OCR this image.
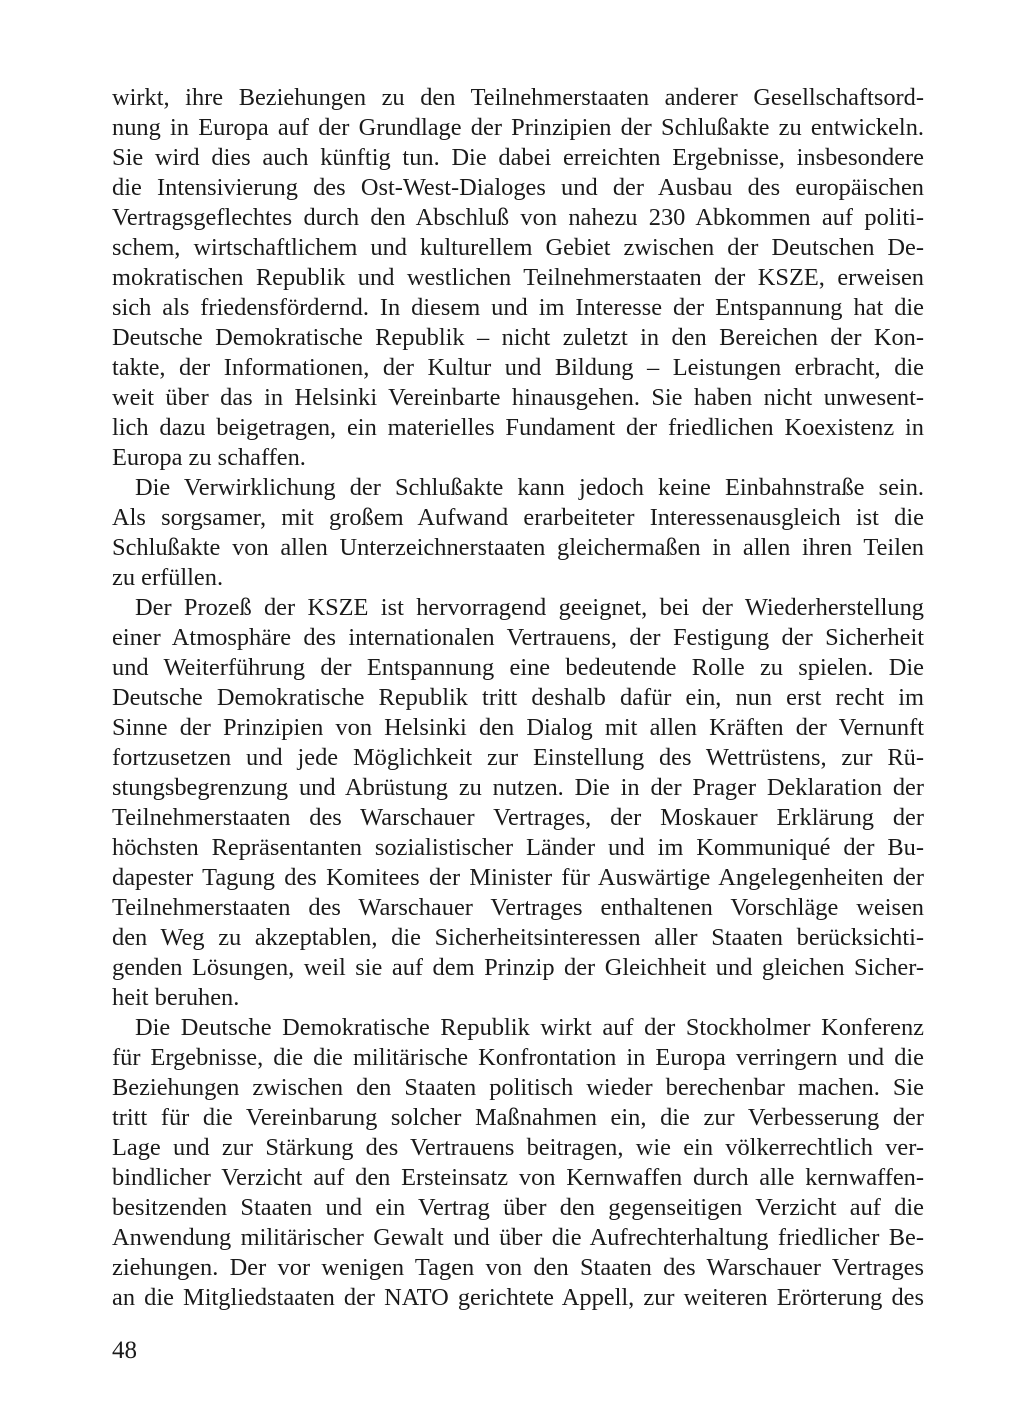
wirkt, ihre Beziehungen zu den Teilnehmerstaaten anderer Gesellschaftsord-
nung in Europa auf der Grundlage der Prinzipien der Schlußakte zu entwickeln.
Sie wird dies auch künftig tun. Die dabei erreichten Ergebnisse, insbesondere
die Intensivierung des Ost-West-Dialoges und der Ausbau des europäischen
Vertragsgeflechtes durch den Abschluß von nahezu 230 Abkommen auf politi-
schem, wirtschaftlichem und kulturellem Gebiet zwischen der Deutschen De-
mokratischen Republik und westlichen Teilnehmerstaaten der KSZE, erweisen
sich als friedensfördernd. In diesem und im Interesse der Entspannung hat die
Deutsche Demokratische Republik – nicht zuletzt in den Bereichen der Kon-
takte, der Informationen, der Kultur und Bildung – Leistungen erbracht, die
weit über das in Helsinki Vereinbarte hinausgehen. Sie haben nicht unwesent-
lich dazu beigetragen, ein materielles Fundament der friedlichen Koexistenz in
Europa zu schaffen.
Die Verwirklichung der Schlußakte kann jedoch keine Einbahnstraße sein.
Als sorgsamer, mit großem Aufwand erarbeiteter Interessenausgleich ist die
Schlußakte von allen Unterzeichnerstaaten gleichermaßen in allen ihren Teilen
zu erfüllen.
Der Prozeß der KSZE ist hervorragend geeignet, bei der Wiederherstellung
einer Atmosphäre des internationalen Vertrauens, der Festigung der Sicherheit
und Weiterführung der Entspannung eine bedeutende Rolle zu spielen. Die
Deutsche Demokratische Republik tritt deshalb dafür ein, nun erst recht im
Sinne der Prinzipien von Helsinki den Dialog mit allen Kräften der Vernunft
fortzusetzen und jede Möglichkeit zur Einstellung des Wettrüstens, zur Rü-
stungsbegrenzung und Abrüstung zu nutzen. Die in der Prager Deklaration der
Teilnehmerstaaten des Warschauer Vertrages, der Moskauer Erklärung der
höchsten Repräsentanten sozialistischer Länder und im Kommuniqué der Bu-
dapester Tagung des Komitees der Minister für Auswärtige Angelegenheiten der
Teilnehmerstaaten des Warschauer Vertrages enthaltenen Vorschläge weisen
den Weg zu akzeptablen, die Sicherheitsinteressen aller Staaten berücksichti-
genden Lösungen, weil sie auf dem Prinzip der Gleichheit und gleichen Sicher-
heit beruhen.
Die Deutsche Demokratische Republik wirkt auf der Stockholmer Konferenz
für Ergebnisse, die die militärische Konfrontation in Europa verringern und die
Beziehungen zwischen den Staaten politisch wieder berechenbar machen. Sie
tritt für die Vereinbarung solcher Maßnahmen ein, die zur Verbesserung der
Lage und zur Stärkung des Vertrauens beitragen, wie ein völkerrechtlich ver-
bindlicher Verzicht auf den Ersteinsatz von Kernwaffen durch alle kernwaffen-
besitzenden Staaten und ein Vertrag über den gegenseitigen Verzicht auf die
Anwendung militärischer Gewalt und über die Aufrechterhaltung friedlicher Be-
ziehungen. Der vor wenigen Tagen von den Staaten des Warschauer Vertrages
an die Mitgliedstaaten der NATO gerichtete Appell, zur weiteren Erörterung des
48
